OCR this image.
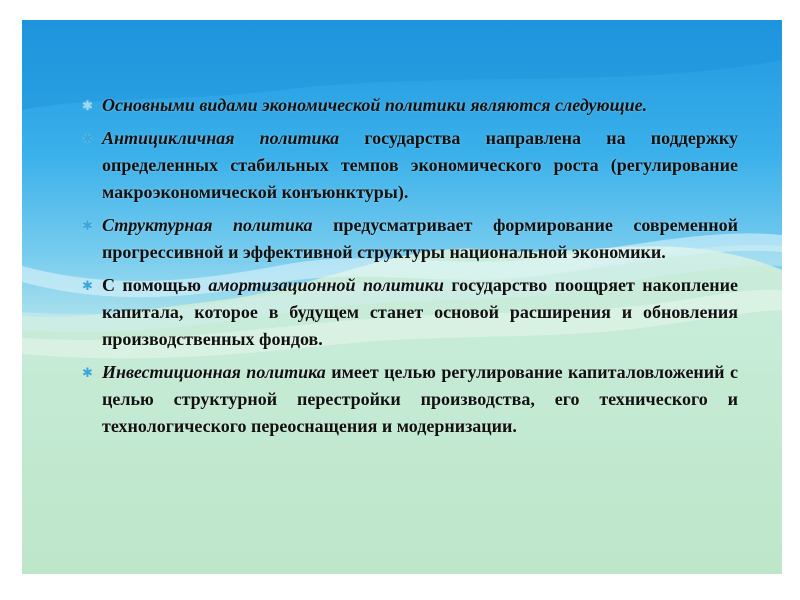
✱ Основными видами экономической политики являются следующие.

✱ Антицикличная политика государства направлена на поддержку определенных стабильных темпов экономического роста (регулирование макроэкономической конъюнктуры).

✱ Структурная политика предусматривает формирование современной прогрессивной и эффективной структуры национальной экономики.

✱ С помощью амортизационной политики государство поощряет накопление капитала, которое в будущем станет основой расширения и обновления производственных фондов.

✱ Инвестиционная политика имеет целью регулирование капиталовложений с целью структурной перестройки производства, его технического и технологического переоснащения и модернизации.
